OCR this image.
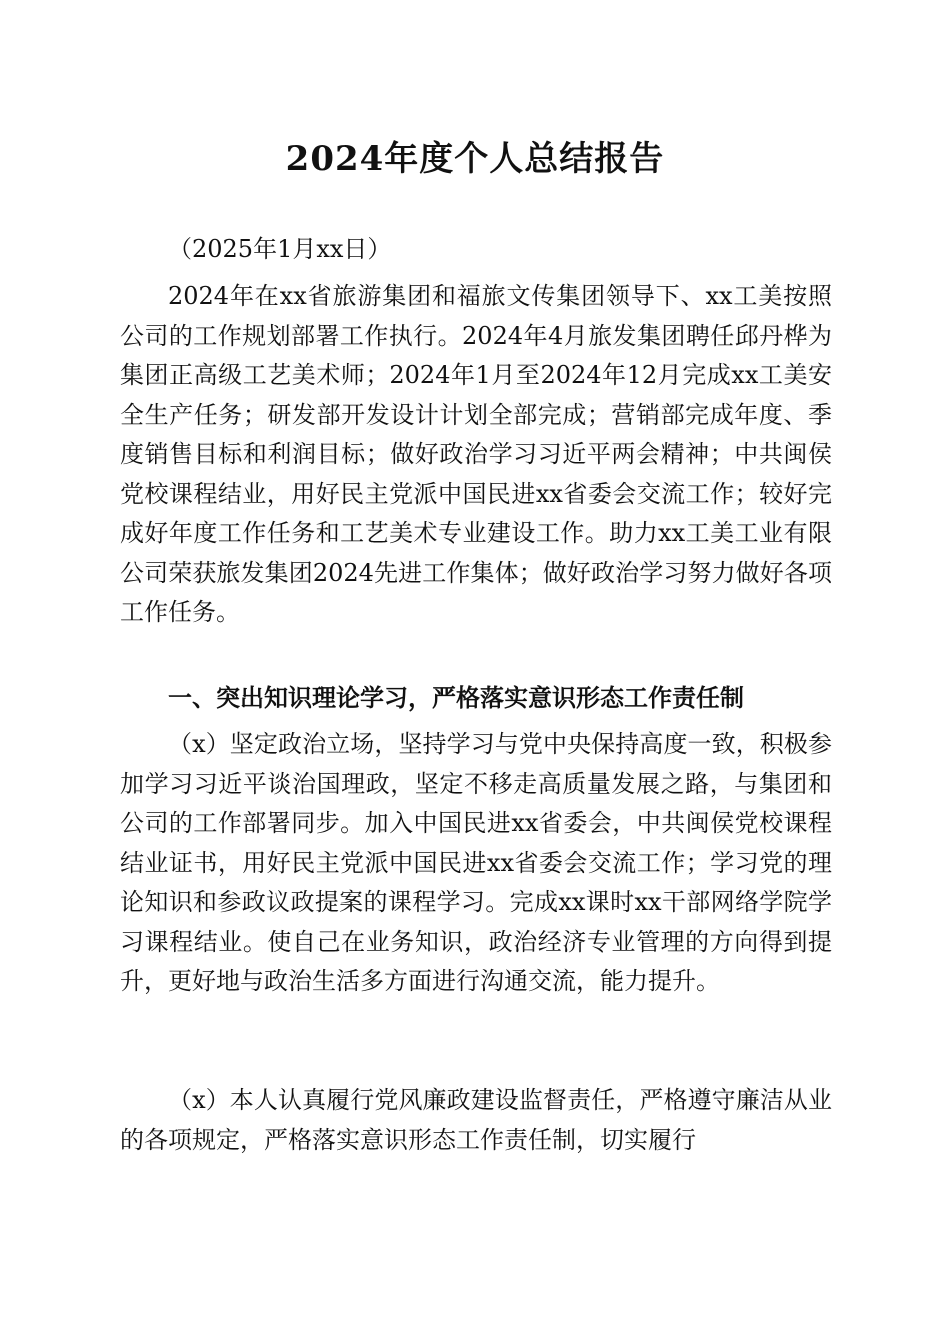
2024年度个人总结报告

（2025年1月xx日）

2024年在xx省旅游集团和福旅文传集团领导下、xx工美按照公司的工作规划部署工作执行。2024年4月旅发集团聘任邱丹桦为集团正高级工艺美术师；2024年1月至2024年12月完成xx工美安全生产任务；研发部开发设计计划全部完成；营销部完成年度、季度销售目标和利润目标；做好政治学习习近平两会精神；中共闽侯党校课程结业，用好民主党派中国民进xx省委会交流工作；较好完成好年度工作任务和工艺美术专业建设工作。助力xx工美工业有限公司荣获旅发集团2024先进工作集体；做好政治学习努力做好各项工作任务。

一、突出知识理论学习，严格落实意识形态工作责任制

（x）坚定政治立场，坚持学习与党中央保持高度一致，积极参加学习习近平谈治国理政，坚定不移走高质量发展之路，与集团和公司的工作部署同步。加入中国民进xx省委会，中共闽侯党校课程结业证书，用好民主党派中国民进xx省委会交流工作；学习党的理论知识和参政议政提案的课程学习。完成xx课时xx干部网络学院学习课程结业。使自己在业务知识，政治经济专业管理的方向得到提升，更好地与政治生活多方面进行沟通交流，能力提升。

（x）本人认真履行党风廉政建设监督责任，严格遵守廉洁从业的各项规定，严格落实意识形态工作责任制，切实履行
